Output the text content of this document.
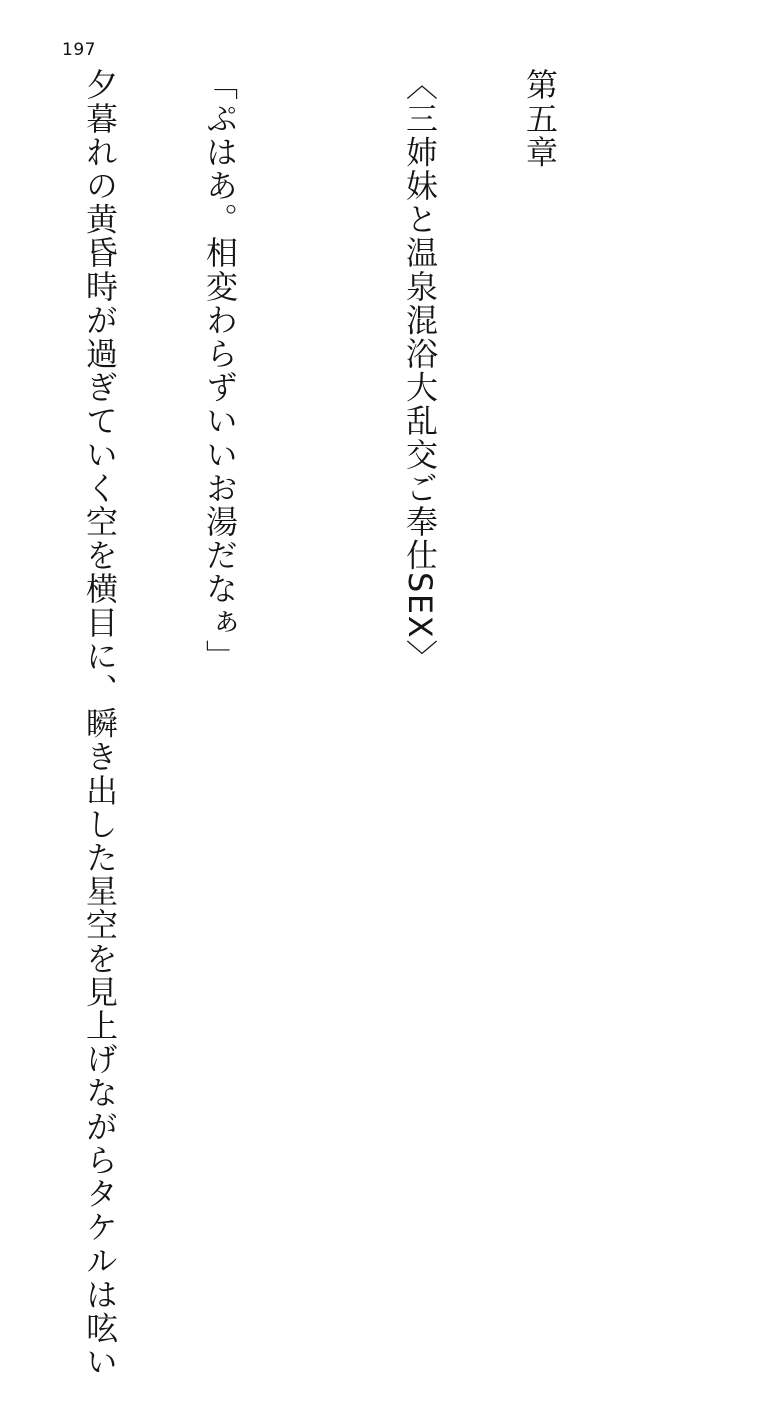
197

第五章

〈三姉妹と温泉混浴大乱交ご奉仕SEX〉

「ぷはあ。相変わらずいいお湯だなぁ」

夕暮れの黄昏時が過ぎていく空を横目に、瞬き出した星空を見上げながらタケルは呟い
